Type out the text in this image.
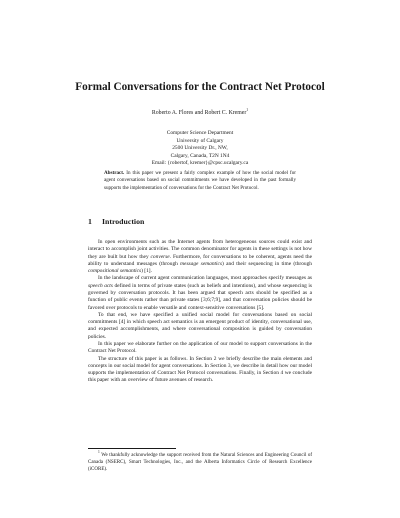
Formal Conversations for the Contract Net Protocol
Roberto A. Flores and Robert C. Kremer$^1$
Computer Science Department
University of Calgary
2500 University Dr., NW,
Calgary, Canada, T2N 1N4
Email: {robertof, kremer}@cpsc.ucalgary.ca
Abstract. In this paper we present a fairly complex example of how the social model for agent conversations based on social commitments we have developed in the past formally supports the implementation of conversations for the Contract Net Protocol.
1 Introduction

In open environments such as the Internet agents from heterogeneous sources could exist and interact to accomplish joint activities. The common denominator for agents in these settings is not how they are built but how they converse. Furthermore, for conversations to be coherent, agents need the ability to understand messages (through message semantics) and their sequencing in time (through compositional semantics) [1].

In the landscape of current agent communication languages, most approaches specify messages as speech acts defined in terms of private states (such as beliefs and intentions), and whose sequencing is governed by conversation protocols. It has been argued that speech acts should be specified as a function of public events rather than private states [3;6;7;9], and that conversation policies should be favored over protocols to enable versatile and context-sensitive conversations [5].

To that end, we have specified a unified social model for conversations based on social commitments [4] in which speech act semantics is an emergent product of identity, conversational use, and expected accomplishments, and where conversational composition is guided by conversation policies.

In this paper we elaborate further on the application of our model to support conversations in the Contract Net Protocol.

The structure of this paper is as follows. In Section 2 we briefly describe the main elements and concepts in our social model for agent conversations. In Section 3, we describe in detail how our model supports the implementation of Contract Net Protocol conversations. Finally, in Section 4 we conclude this paper with an overview of future avenues of research.

$^1$ We thankfully acknowledge the support received from the Natural Sciences and Engineering Council of Canada (NSERC), Smart Technologies, Inc., and the Alberta Informatics Circle of Research Excellence (iCORE).
